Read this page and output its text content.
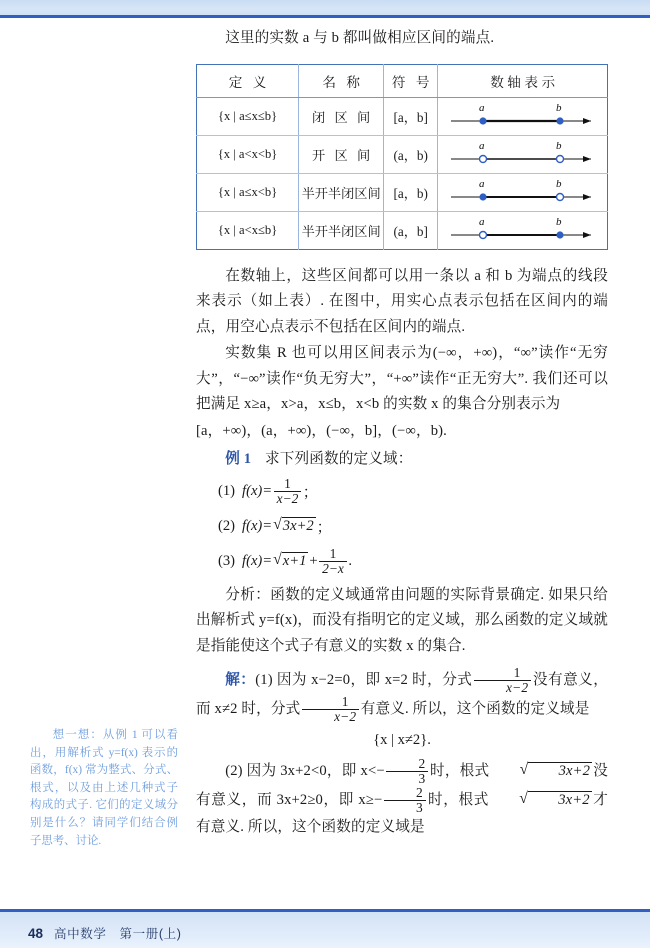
48 高中数学　第一册(上)
想一想：从例 1 可以看出，用解析式 y=f(x) 表示的函数，f(x) 常为整式、分式、根式，以及由上述几种式子构成的式子. 它们的定义域分别是什么？请同学们结合例子思考、讨论.

这里的实数 a 与 b 都叫做相应区间的端点.

定 义	名 称	符 号	数轴表示
{x | a≤x≤b}	闭 区 间	[a，b]	a b

{x | a<x<b}	开 区 间	(a，b)	a b

{x | a≤x<b}	半开半闭区间	[a，b)	a b

{x | a<x≤b}	半开半闭区间	(a，b]	a b

在数轴上，这些区间都可以用一条以 a 和 b 为端点的线段来表示（如上表）. 在图中，用实心点表示包括在区间内的端点，用空心点表示不包括在区间内的端点.

实数集 R 也可以用区间表示为(−∞，+∞)，“∞”读作“无穷大”，“−∞”读作“负无穷大”，“+∞”读作“正无穷大”. 我们还可以把满足 x≥a，x>a，x≤b，x<b 的实数 x 的集合分别表示为

[a，+∞)，(a，+∞)，(−∞，b]，(−∞，b).

例 1 求下列函数的定义域：

(1) $f(x)= \frac{1}{x-2}$ ；
(2) f(x)= √ 3x+2 ；
(3) f(x)= √ $x+1 + \frac{1}{2-x}$ .

分析：函数的定义域通常由问题的实际背景确定. 如果只给出解析式 y=f(x)，而没有指明它的定义域，那么函数的定义域就是指能使这个式子有意义的实数 x 的集合.

解：(1) 因为 x−2=0，即 x=2 时，分式 $\frac{1}{x-2}$ 没有意义，而 x≠2 时，分式 $\frac{1}{x-2}$ 有意义. 所以，这个函数的定义域是

{x | x≠2}.

(2) 因为 3x+2<0，即 $x<- \frac{2}{3}$ 时，根式	√	3x+2 没有意义，而 3x+2≥0，即 $x\ge- \frac{2}{3}$ 时，根式	√	3x+2 才有意义. 所以，这个函数的定义域是
